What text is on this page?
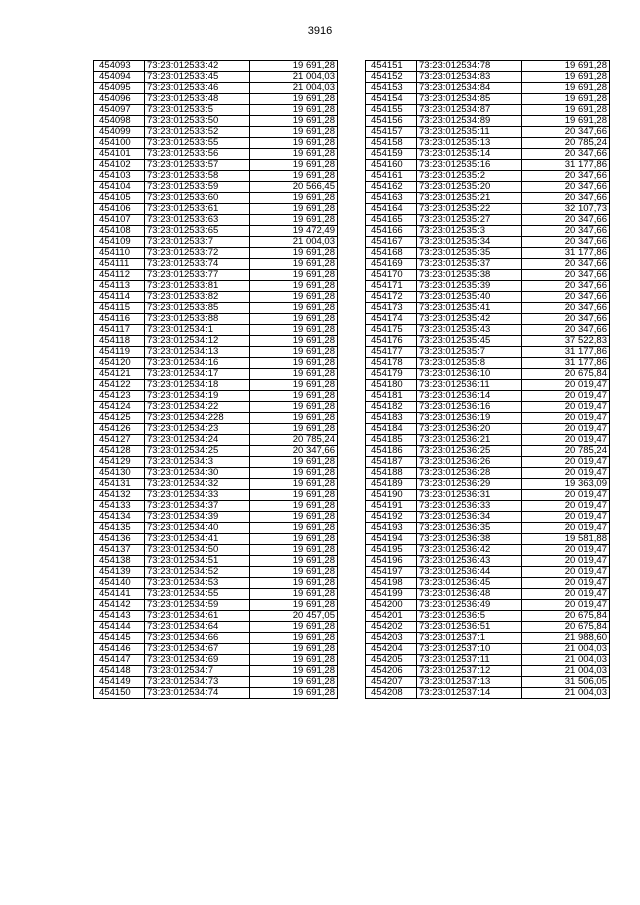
3916
454093	73:23:012533:42	19 691,28
454094	73:23:012533:45	21 004,03
454095	73:23:012533:46	21 004,03
454096	73:23:012533:48	19 691,28
454097	73:23:012533:5	19 691,28
454098	73:23:012533:50	19 691,28
454099	73:23:012533:52	19 691,28
454100	73:23:012533:55	19 691,28
454101	73:23:012533:56	19 691,28
454102	73:23:012533:57	19 691,28
454103	73:23:012533:58	19 691,28
454104	73:23:012533:59	20 566,45
454105	73:23:012533:60	19 691,28
454106	73:23:012533:61	19 691,28
454107	73:23:012533:63	19 691,28
454108	73:23:012533:65	19 472,49
454109	73:23:012533:7	21 004,03
454110	73:23:012533:72	19 691,28
454111	73:23:012533:74	19 691,28
454112	73:23:012533:77	19 691,28
454113	73:23:012533:81	19 691,28
454114	73:23:012533:82	19 691,28
454115	73:23:012533:85	19 691,28
454116	73:23:012533:88	19 691,28
454117	73:23:012534:1	19 691,28
454118	73:23:012534:12	19 691,28
454119	73:23:012534:13	19 691,28
454120	73:23:012534:16	19 691,28
454121	73:23:012534:17	19 691,28
454122	73:23:012534:18	19 691,28
454123	73:23:012534:19	19 691,28
454124	73:23:012534:22	19 691,28
454125	73:23:012534:228	19 691,28
454126	73:23:012534:23	19 691,28
454127	73:23:012534:24	20 785,24
454128	73:23:012534:25	20 347,66
454129	73:23:012534:3	19 691,28
454130	73:23:012534:30	19 691,28
454131	73:23:012534:32	19 691,28
454132	73:23:012534:33	19 691,28
454133	73:23:012534:37	19 691,28
454134	73:23:012534:39	19 691,28
454135	73:23:012534:40	19 691,28
454136	73:23:012534:41	19 691,28
454137	73:23:012534:50	19 691,28
454138	73:23:012534:51	19 691,28
454139	73:23:012534:52	19 691,28
454140	73:23:012534:53	19 691,28
454141	73:23:012534:55	19 691,28
454142	73:23:012534:59	19 691,28
454143	73:23:012534:61	20 457,05
454144	73:23:012534:64	19 691,28
454145	73:23:012534:66	19 691,28
454146	73:23:012534:67	19 691,28
454147	73:23:012534:69	19 691,28
454148	73:23:012534:7	19 691,28
454149	73:23:012534:73	19 691,28
454150	73:23:012534:74	19 691,28
454151	73:23:012534:78	19 691,28
454152	73:23:012534:83	19 691,28
454153	73:23:012534:84	19 691,28
454154	73:23:012534:85	19 691,28
454155	73:23:012534:87	19 691,28
454156	73:23:012534:89	19 691,28
454157	73:23:012535:11	20 347,66
454158	73:23:012535:13	20 785,24
454159	73:23:012535:14	20 347,66
454160	73:23:012535:16	31 177,86
454161	73:23:012535:2	20 347,66
454162	73:23:012535:20	20 347,66
454163	73:23:012535:21	20 347,66
454164	73:23:012535:22	32 107,73
454165	73:23:012535:27	20 347,66
454166	73:23:012535:3	20 347,66
454167	73:23:012535:34	20 347,66
454168	73:23:012535:35	31 177,86
454169	73:23:012535:37	20 347,66
454170	73:23:012535:38	20 347,66
454171	73:23:012535:39	20 347,66
454172	73:23:012535:40	20 347,66
454173	73:23:012535:41	20 347,66
454174	73:23:012535:42	20 347,66
454175	73:23:012535:43	20 347,66
454176	73:23:012535:45	37 522,83
454177	73:23:012535:7	31 177,86
454178	73:23:012535:8	31 177,86
454179	73:23:012536:10	20 675,84
454180	73:23:012536:11	20 019,47
454181	73:23:012536:14	20 019,47
454182	73:23:012536:16	20 019,47
454183	73:23:012536:19	20 019,47
454184	73:23:012536:20	20 019,47
454185	73:23:012536:21	20 019,47
454186	73:23:012536:25	20 785,24
454187	73:23:012536:26	20 019,47
454188	73:23:012536:28	20 019,47
454189	73:23:012536:29	19 363,09
454190	73:23:012536:31	20 019,47
454191	73:23:012536:33	20 019,47
454192	73:23:012536:34	20 019,47
454193	73:23:012536:35	20 019,47
454194	73:23:012536:38	19 581,88
454195	73:23:012536:42	20 019,47
454196	73:23:012536:43	20 019,47
454197	73:23:012536:44	20 019,47
454198	73:23:012536:45	20 019,47
454199	73:23:012536:48	20 019,47
454200	73:23:012536:49	20 019,47
454201	73:23:012536:5	20 675,84
454202	73:23:012536:51	20 675,84
454203	73:23:012537:1	21 988,60
454204	73:23:012537:10	21 004,03
454205	73:23:012537:11	21 004,03
454206	73:23:012537:12	21 004,03
454207	73:23:012537:13	31 506,05
454208	73:23:012537:14	21 004,03
